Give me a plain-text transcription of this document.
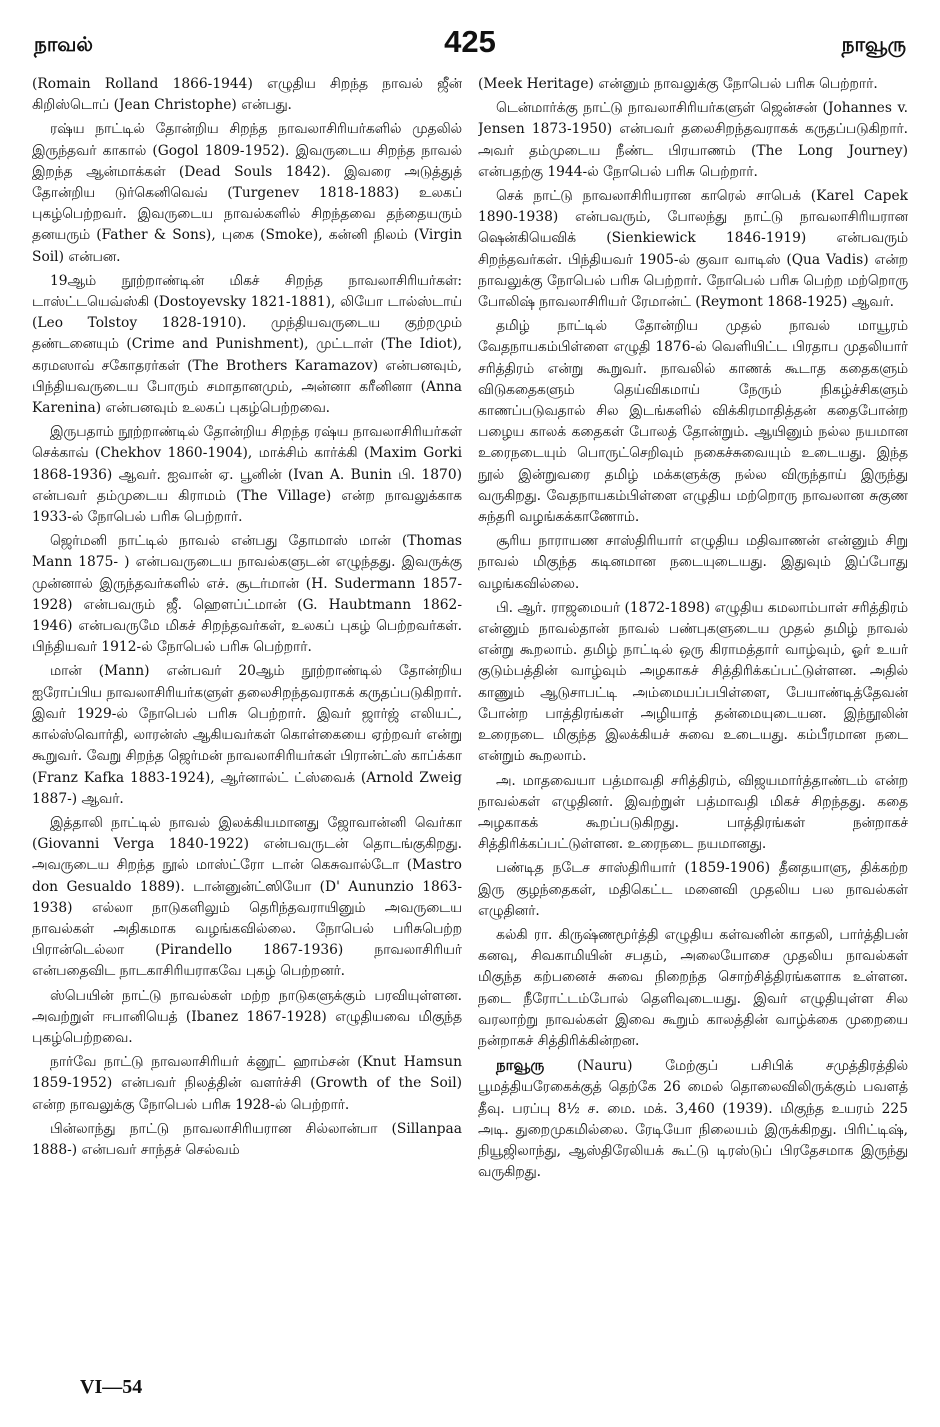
நாவல்	425	நாவூரு

(Romain Rolland 1866-1944) எழுதிய சிறந்த நாவல் ஜீன் கிறிஸ்டொப் (Jean Christophe) என்பது.

ரஷ்ய நாட்டில் தோன்றிய சிறந்த நாவலாசிரியர்களில் முதலில் இருந்தவர் காகால் (Gogol 1809-1952). இவருடைய சிறந்த நாவல் இறந்த ஆன்மாக்கள் (Dead Souls 1842). இவரை அடுத்துத் தோன்றிய டுர்கெனிவெவ் (Turgenev 1818-1883) உலகப் புகழ்பெற்றவர். இவருடைய நாவல்களில் சிறந்தவை தந்தையரும் தனயரும் (Father & Sons), புகை (Smoke), கன்னி நிலம் (Virgin Soil) என்பன.

19ஆம் நூற்றாண்டின் மிகச் சிறந்த நாவலாசிரியர்கள்: டாஸ்ட்டயெவ்ஸ்கி (Dostoyevsky 1821-1881), லியோ டால்ஸ்டாய் (Leo Tolstoy 1828-1910). முந்தியவருடைய குற்றமும் தண்டனையும் (Crime and Punishment), முட்டாள் (The Idiot), கரமஸாவ் சகோதரர்கள் (The Brothers Karamazov) என்பனவும், பிந்தியவருடைய போரும் சமாதானமும், அன்னா கரீனினா (Anna Karenina) என்பனவும் உலகப் புகழ்பெற்றவை.

இருபதாம் நூற்றாண்டில் தோன்றிய சிறந்த ரஷ்ய நாவலாசிரியர்கள் செக்காவ் (Chekhov 1860-1904), மாக்சிம் கார்க்கி (Maxim Gorki 1868-1936) ஆவர். ஐவான் ஏ. பூனின் (Ivan A. Bunin பி. 1870) என்பவர் தம்முடைய கிராமம் (The Village) என்ற நாவலுக்காக 1933-ல் நோபெல் பரிசு பெற்றார்.

ஜெர்மனி நாட்டில் நாவல் என்பது தோமாஸ் மான் (Thomas Mann 1875- ) என்பவருடைய நாவல்களுடன் எழுந்தது. இவருக்கு முன்னால் இருந்தவர்களில் எச். சூடர்மான் (H. Sudermann 1857-1928) என்பவரும் ஜீ. ஹௌப்ட்மான் (G. Haubtmann 1862-1946) என்பவருமே மிகச் சிறந்தவர்கள், உலகப் புகழ் பெற்றவர்கள். பிந்தியவர் 1912-ல் நோபெல் பரிசு பெற்றார்.

மான் (Mann) என்பவர் 20ஆம் நூற்றாண்டில் தோன்றிய ஐரோப்பிய நாவலாசிரியர்களுள் தலைசிறந்தவராகக் கருதப்படுகிறார். இவர் 1929-ல் நோபெல் பரிசு பெற்றார். இவர் ஜார்ஜ் எலியட், கால்ஸ்வொர்தி, லாரன்ஸ் ஆகியவர்கள் கொள்கையை ஏற்றவர் என்று கூறுவர். வேறு சிறந்த ஜெர்மன் நாவலாசிரியர்கள் பிரான்ட்ஸ் காப்க்கா (Franz Kafka 1883-1924), ஆர்னால்ட் ட்ஸ்வைக் (Arnold Zweig 1887-) ஆவர்.

இத்தாலி நாட்டில் நாவல் இலக்கியமானது ஜோவான்னி வெர்கா (Giovanni Verga 1840-1922) என்பவருடன் தொடங்குகிறது. அவருடைய சிறந்த நூல் மாஸ்ட்ரோ டான் கெசுவால்டோ (Mastro don Gesualdo 1889). டான்னுன்ட்ஸியோ (D' Aununzio 1863-1938) எல்லா நாடுகளிலும் தெரிந்தவராயினும் அவருடைய நாவல்கள் அதிகமாக வழங்கவில்லை. நோபெல் பரிசுபெற்ற பிரான்டெல்லா (Pirandello 1867-1936) நாவலாசிரியர் என்பதைவிட நாடகாசிரியராகவே புகழ் பெற்றனர்.

ஸ்பெயின் நாட்டு நாவல்கள் மற்ற நாடுகளுக்கும் பரவியுள்ளன. அவற்றுள் ஈபானியெத் (Ibanez 1867-1928) எழுதியவை மிகுந்த புகழ்பெற்றவை.

நார்வே நாட்டு நாவலாசிரியர் க்னூட் ஹாம்சன் (Knut Hamsun 1859-1952) என்பவர் நிலத்தின் வளர்ச்சி (Growth of the Soil) என்ற நாவலுக்கு நோபெல் பரிசு 1928-ல் பெற்றார்.

பின்லாந்து நாட்டு நாவலாசிரியரான சில்லான்பா (Sillanpaa 1888-) என்பவர் சாந்தச் செல்வம்

(Meek Heritage) என்னும் நாவலுக்கு நோபெல் பரிசு பெற்றார்.

டென்மார்க்கு நாட்டு நாவலாசிரியர்களுள் ஜென்சன் (Johannes v. Jensen 1873-1950) என்பவர் தலைசிறந்தவராகக் கருதப்படுகிறார். அவர் தம்முடைய நீண்ட பிரயாணம் (The Long Journey) என்பதற்கு 1944-ல் நோபெல் பரிசு பெற்றார்.

செக் நாட்டு நாவலாசிரியரான காரெல் சாபெக் (Karel Capek 1890-1938) என்பவரும், போலந்து நாட்டு நாவலாசிரியரான ஷென்கியெவிக் (Sienkiewick 1846-1919) என்பவரும் சிறந்தவர்கள். பிந்தியவர் 1905-ல் குவா வாடிஸ் (Qua Vadis) என்ற நாவலுக்கு நோபெல் பரிசு பெற்றார். நோபெல் பரிசு பெற்ற மற்றொரு போலிஷ் நாவலாசிரியர் ரேமான்ட் (Reymont 1868-1925) ஆவர்.

தமிழ் நாட்டில் தோன்றிய முதல் நாவல் மாயூரம் வேதநாயகம்பிள்ளை எழுதி 1876-ல் வெளியிட்ட பிரதாப முதலியார் சரித்திரம் என்று கூறுவர். நாவலில் காணக் கூடாத கதைகளும் விடுகதைகளும் தெய்விகமாய் நேரும் நிகழ்ச்சிகளும் காணப்படுவதால் சில இடங்களில் விக்கிரமாதித்தன் கதைபோன்ற பழைய காலக் கதைகள் போலத் தோன்றும். ஆயினும் நல்ல நயமான உரைநடையும் பொருட்செறிவும் நகைச்சுவையும் உடையது. இந்த நூல் இன்றுவரை தமிழ் மக்களுக்கு நல்ல விருந்தாய் இருந்து வருகிறது. வேதநாயகம்பிள்ளை எழுதிய மற்றொரு நாவலான சுகுண சுந்தரி வழங்கக்காணோம்.

சூரிய நாராயண சாஸ்திரியார் எழுதிய மதிவாணன் என்னும் சிறு நாவல் மிகுந்த கடினமான நடையுடையது. இதுவும் இப்போது வழங்கவில்லை.

பி. ஆர். ராஜமையர் (1872-1898) எழுதிய கமலாம்பாள் சரித்திரம் என்னும் நாவல்தான் நாவல் பண்புகளுடைய முதல் தமிழ் நாவல் என்று கூறலாம். தமிழ் நாட்டில் ஒரு கிராமத்தார் வாழ்வும், ஓர் உயர் குடும்பத்தின் வாழ்வும் அழகாகச் சித்திரிக்கப்பட்டுள்ளன. அதில் காணும் ஆடுசாபட்டி அம்மையப்பபிள்ளை, பேயாண்டித்தேவன் போன்ற பாத்திரங்கள் அழியாத் தன்மையுடையன. இந்நூலின் உரைநடை மிகுந்த இலக்கியச் சுவை உடையது. கம்பீரமான நடை என்றும் கூறலாம்.

அ. மாதவையா பத்மாவதி சரித்திரம், விஜயமார்த்தாண்டம் என்ற நாவல்கள் எழுதினர். இவற்றுள் பத்மாவதி மிகச் சிறந்தது. கதை அழகாகக் கூறப்படுகிறது. பாத்திரங்கள் நன்றாகச் சித்திரிக்கப்பட்டுள்ளன. உரைநடை நயமானது.

பண்டித நடேச சாஸ்திரியார் (1859-1906) தீனதயாளு, திக்கற்ற இரு குழந்தைகள், மதிகெட்ட மனைவி முதலிய பல நாவல்கள் எழுதினர்.

கல்கி ரா. கிருஷ்ணமூர்த்தி எழுதிய கள்வனின் காதலி, பார்த்திபன் கனவு, சிவகாமியின் சபதம், அலையோசை முதலிய நாவல்கள் மிகுந்த கற்பனைச் சுவை நிறைந்த சொற்சித்திரங்களாக உள்ளன. நடை நீரோட்டம்போல் தெளிவுடையது. இவர் எழுதியுள்ள சில வரலாற்று நாவல்கள் இவை கூறும் காலத்தின் வாழ்க்கை முறையை நன்றாகச் சித்திரிக்கின்றன.

நாவூரு (Nauru) மேற்குப் பசிபிக் சமுத்திரத்தில் பூமத்தியரேகைக்குத் தெற்கே 26 மைல் தொலைவிலிருக்கும் பவளத் தீவு. பரப்பு 8½ ச. மை. மக். 3,460 (1939). மிகுந்த உயரம் 225 அடி. துறைமுகமில்லை. ரேடியோ நிலையம் இருக்கிறது. பிரிட்டிஷ், நியூஜிலாந்து, ஆஸ்திரேலியக் கூட்டு டிரஸ்டுப் பிரதேசமாக இருந்து வருகிறது.

VI—54
